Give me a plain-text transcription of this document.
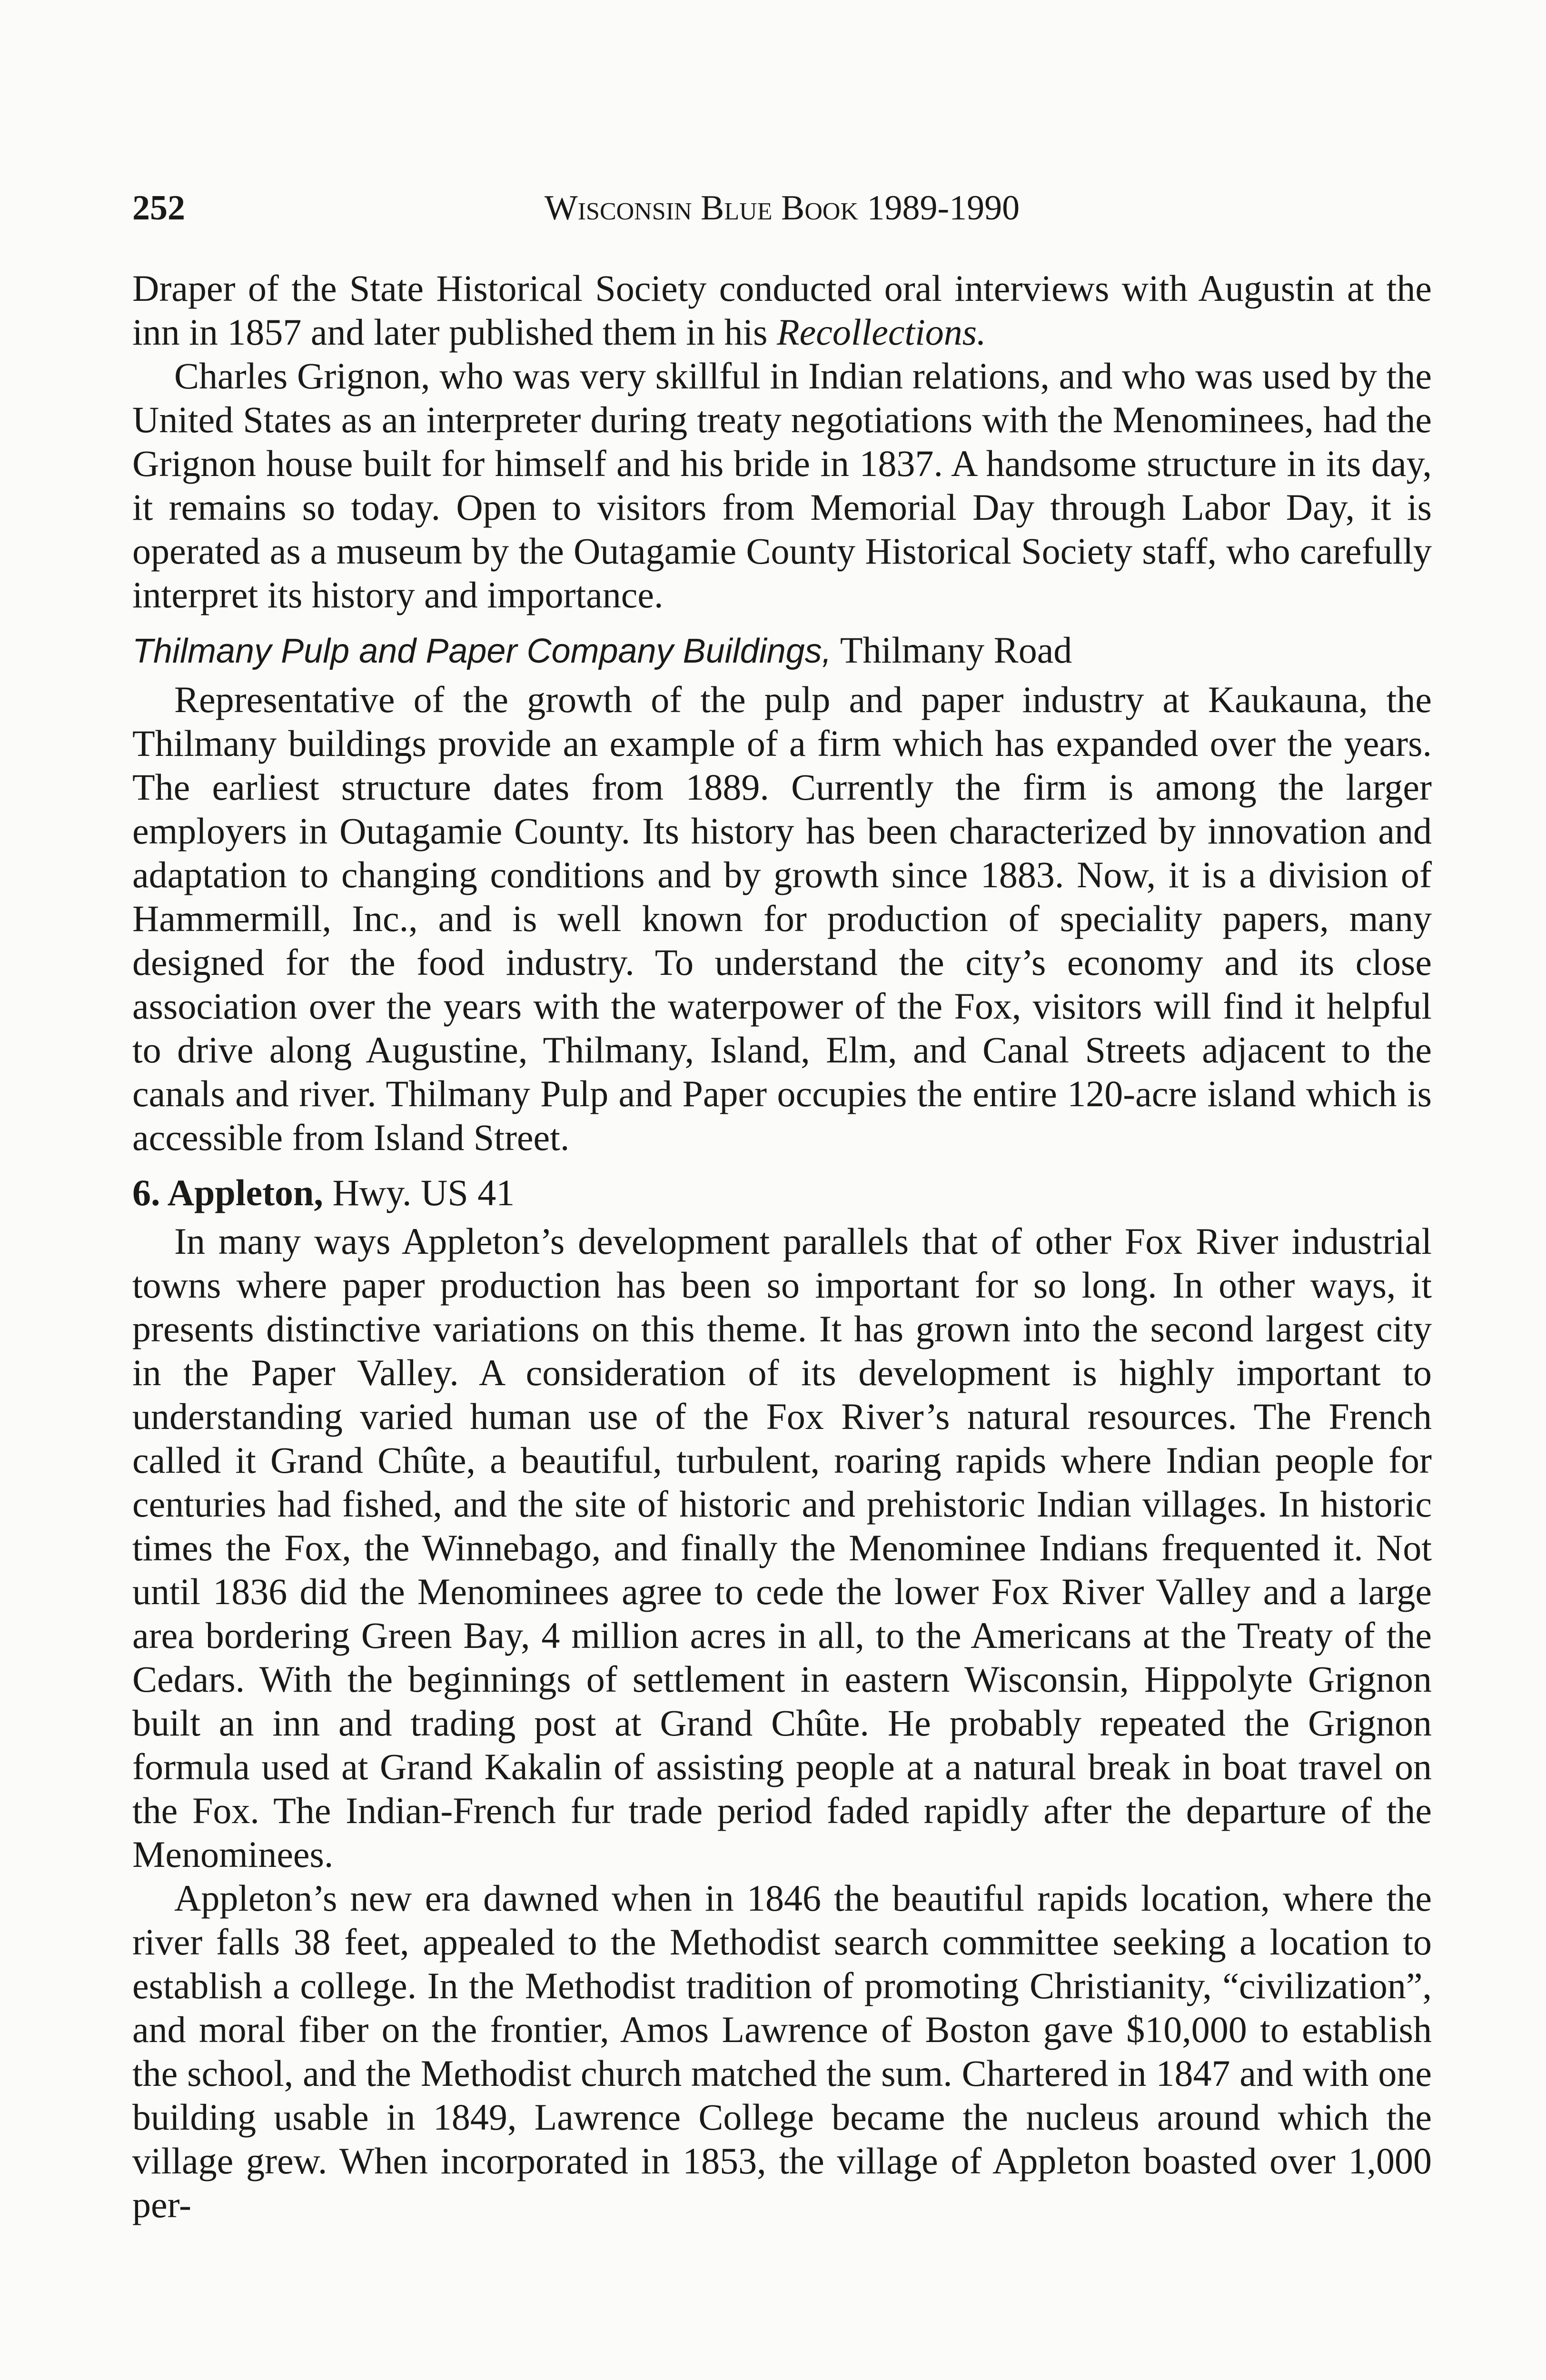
252	Wisconsin Blue Book 1989-1990

Draper of the State Historical Society conducted oral interviews with Augustin at the inn in 1857 and later published them in his Recollections.

Charles Grignon, who was very skillful in Indian relations, and who was used by the United States as an interpreter during treaty negotiations with the Menominees, had the Grignon house built for himself and his bride in 1837. A handsome structure in its day, it remains so today. Open to visitors from Memorial Day through Labor Day, it is operated as a museum by the Outagamie County Historical Society staff, who carefully interpret its history and importance.

Thilmany Pulp and Paper Company Buildings, Thilmany Road

Representative of the growth of the pulp and paper industry at Kaukauna, the Thilmany buildings provide an example of a firm which has expanded over the years. The earliest structure dates from 1889. Currently the firm is among the larger employers in Outagamie County. Its history has been characterized by innovation and adaptation to changing conditions and by growth since 1883. Now, it is a division of Hammermill, Inc., and is well known for production of speciality papers, many designed for the food industry. To understand the city’s economy and its close association over the years with the waterpower of the Fox, visitors will find it helpful to drive along Augustine, Thilmany, Island, Elm, and Canal Streets adjacent to the canals and river. Thilmany Pulp and Paper occupies the entire 120-acre island which is accessible from Island Street.

6. Appleton, Hwy. US 41

In many ways Appleton’s development parallels that of other Fox River industrial towns where paper production has been so important for so long. In other ways, it presents distinctive variations on this theme. It has grown into the second largest city in the Paper Valley. A consideration of its development is highly important to understanding varied human use of the Fox River’s natural resources. The French called it Grand Chûte, a beautiful, turbulent, roaring rapids where Indian people for centuries had fished, and the site of historic and prehistoric Indian villages. In historic times the Fox, the Winnebago, and finally the Menominee Indians frequented it. Not until 1836 did the Menominees agree to cede the lower Fox River Valley and a large area bordering Green Bay, 4 million acres in all, to the Americans at the Treaty of the Cedars. With the beginnings of settlement in eastern Wisconsin, Hippolyte Grignon built an inn and trading post at Grand Chûte. He probably repeated the Grignon formula used at Grand Kakalin of assisting people at a natural break in boat travel on the Fox. The Indian-French fur trade period faded rapidly after the departure of the Menominees.

Appleton’s new era dawned when in 1846 the beautiful rapids location, where the river falls 38 feet, appealed to the Methodist search committee seeking a location to establish a college. In the Methodist tradition of promoting Christianity, “civilization”, and moral fiber on the frontier, Amos Lawrence of Boston gave $10,000 to establish the school, and the Methodist church matched the sum. Chartered in 1847 and with one building usable in 1849, Lawrence College became the nucleus around which the village grew. When incorporated in 1853, the village of Appleton boasted over 1,000 per-
